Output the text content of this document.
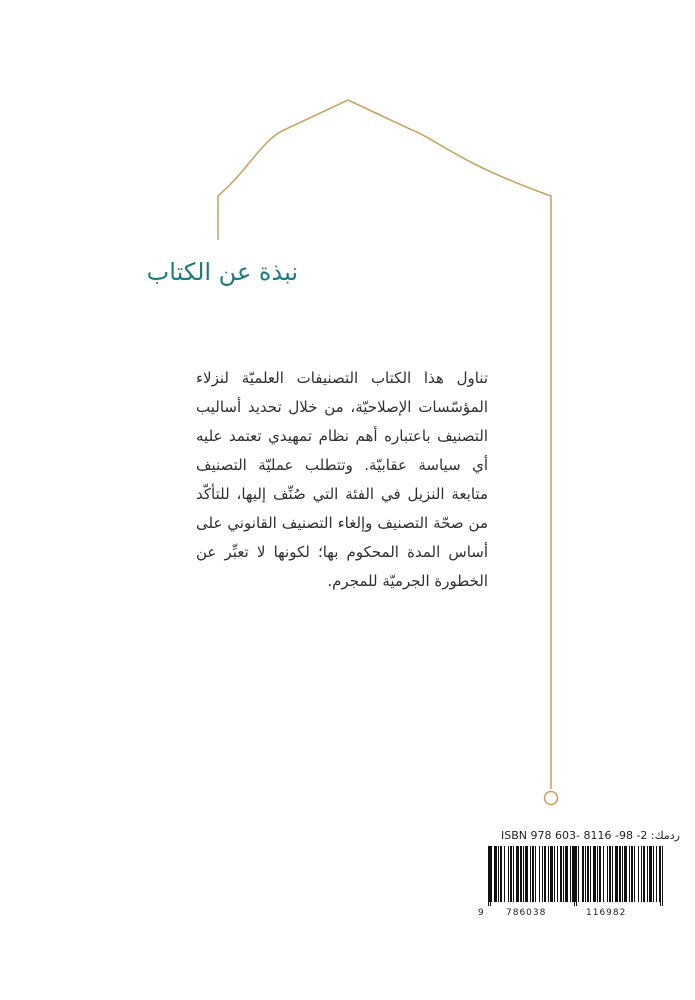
نبذة عن الكتاب

تناول هذا الكتاب التصنيفات العلميّة لنزلاء المؤسّسات الإصلاحيّة، من خلال تحديد أساليب التصنيف باعتباره أهم نظام تمهيدي تعتمد عليه أي سياسة عقابيّة. وتتطلب عمليّة التصنيف متابعة النزيل في الفئة التي صُنِّف إليها، للتأكّد من صحّة التصنيف وإلغاء التصنيف القانوني على أساس المدة المحكوم بها؛ لكونها لا تعبِّر عن الخطورة الجرميّة للمجرم.

ردمك: 2- 98- 8116 -603 ISBN 978
9 786038	116982
